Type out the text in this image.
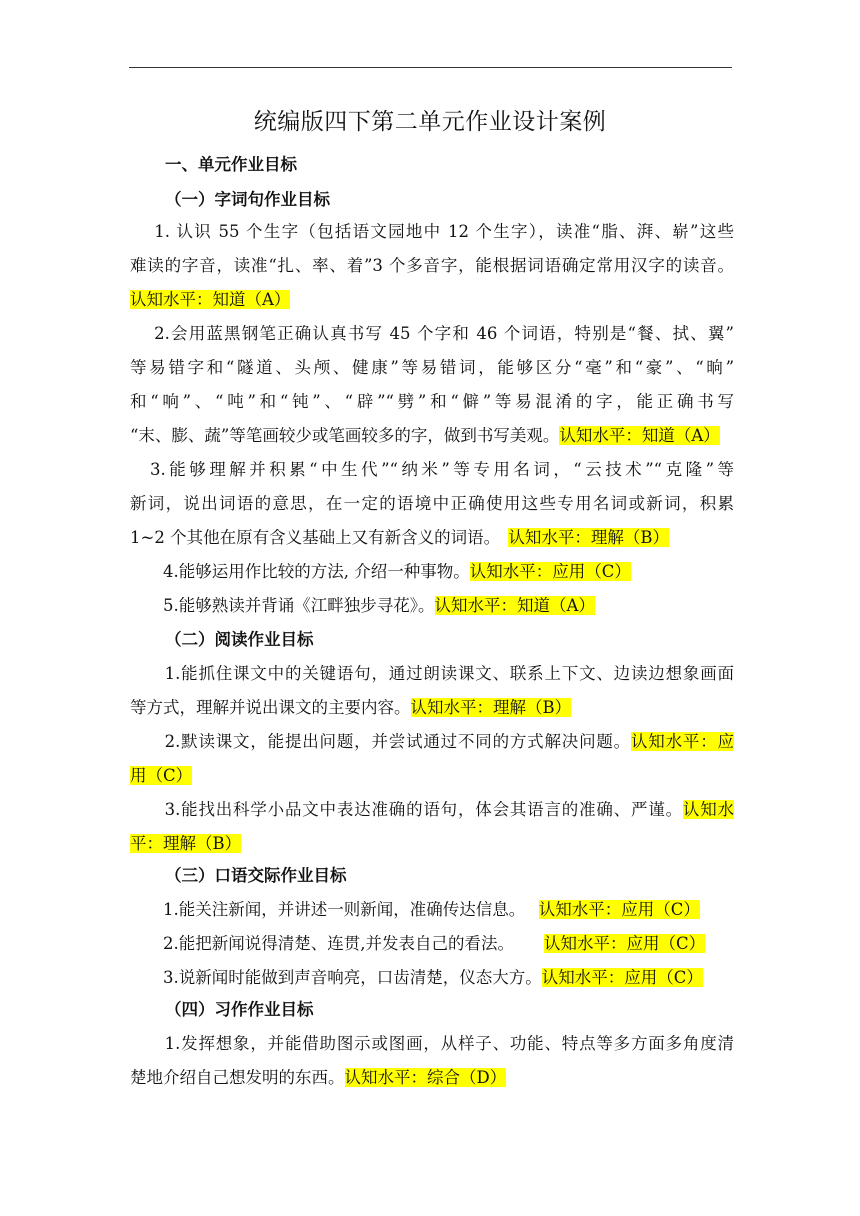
统编版四下第二单元作业设计案例
一、单元作业目标
（一）字词句作业目标
　 1. 认识 55 个生字（包括语文园地中 12 个生字），读准“脂、湃、崭”这些
难读的字音，读准“扎、率、着”3 个多音字，能根据词语确定常用汉字的读音。
认知水平：知道（A）
　 2.会用蓝黑钢笔正确认真书写 45 个字和 46 个词语，特别是“餐、拭、翼”
等易错字和“隧道、头颅、健康”等易错词，能够区分“毫”和“豪”、“晌”
和“响”、“吨”和“钝”、“辟”“劈”和“僻”等易混淆的字，能正确书写
“末、膨、蔬”等笔画较少或笔画较多的字，做到书写美观。认知水平：知道（A）
　3.能够理解并积累“中生代”“纳米”等专用名词，“云技术”“克隆”等
新词，说出词语的意思，在一定的语境中正确使用这些专用名词或新词，积累
1~2 个其他在原有含义基础上又有新含义的词语。　认知水平：理解（B）
　　4.能够运用作比较的方法, 介绍一种事物。认知水平：应用（C）
　　5.能够熟读并背诵《江畔独步寻花》。认知水平：知道（A）
（二）阅读作业目标
　　1.能抓住课文中的关键语句，通过朗读课文、联系上下文、边读边想象画面
等方式，理解并说出课文的主要内容。认知水平：理解（B）
　　2.默读课文，能提出问题，并尝试通过不同的方式解决问题。认知水平：应
用（C）
　　3.能找出科学小品文中表达准确的语句，体会其语言的准确、严谨。认知水
平：理解（B）
（三）口语交际作业目标
　　1.能关注新闻，并讲述一则新闻，准确传达信息。　 认知水平：应用（C）
　　2.能把新闻说得清楚、连贯,并发表自己的看法。　　 认知水平：应用（C）
　　3.说新闻时能做到声音响亮，口齿清楚，仪态大方。认知水平：应用（C）
（四）习作作业目标
　　1.发挥想象，并能借助图示或图画，从样子、功能、特点等多方面多角度清
楚地介绍自己想发明的东西。认知水平：综合（D）
